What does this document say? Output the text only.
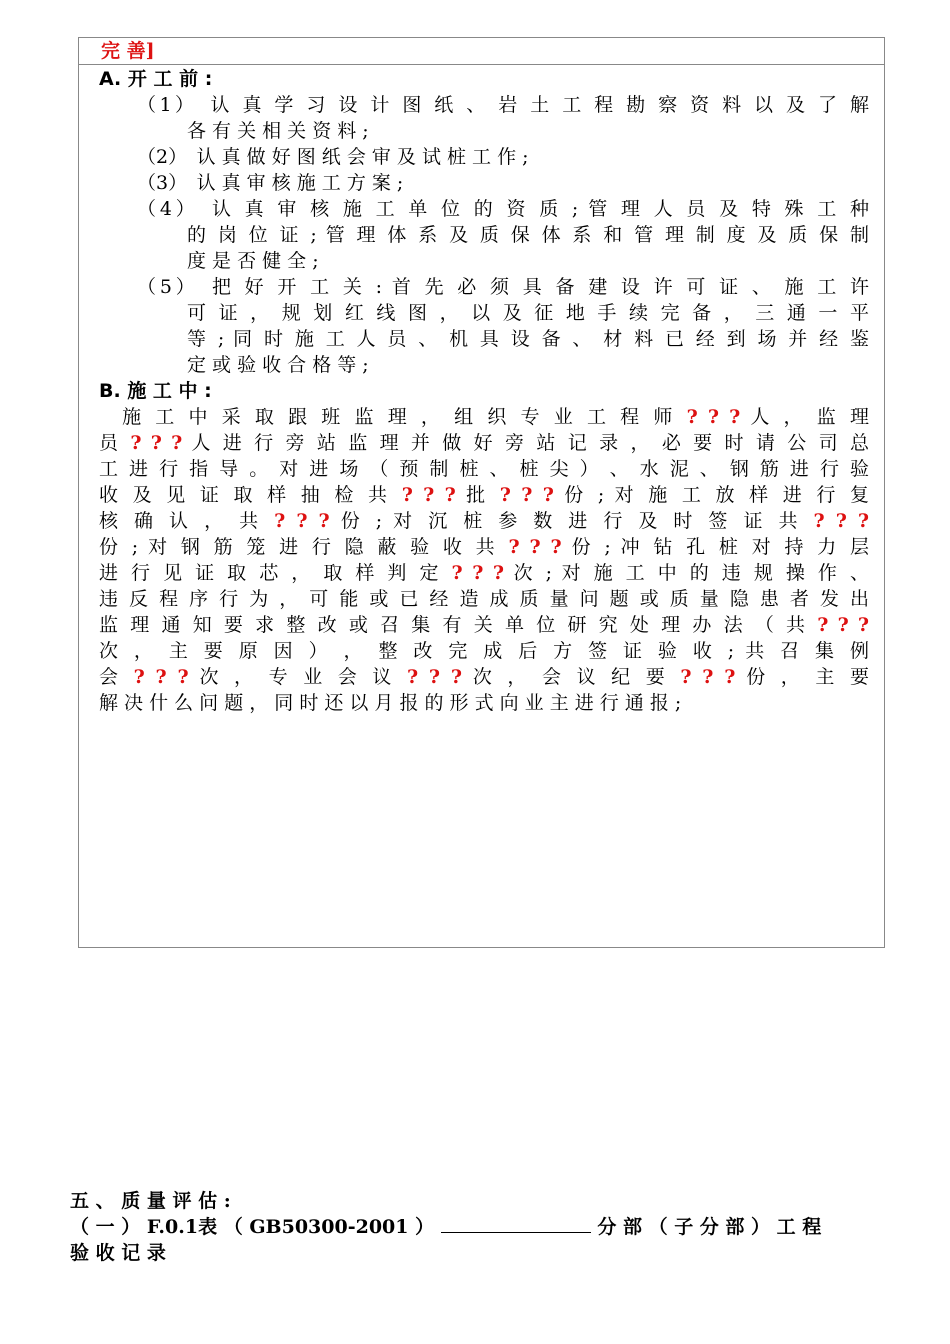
完 善]
A. 开 工 前 :
（1）　认 真 学 习 设 计 图 纸 、 岩 土 工 程 勘 察 资 料 以 及 了 解
各 有 关 相 关 资 料 ;
（2）　认 真 做 好 图 纸 会 审 及 试 桩 工 作 ;
（3）　认 真 审 核 施 工 方 案 ;
（4）　认 真 审 核 施 工 单 位 的 资 质 ; 管 理 人 员 及 特 殊 工 种
的 岗 位 证 ; 管 理 体 系 及 质 保 体 系 和 管 理 制 度 及 质 保 制
度 是 否 健 全 ;
（5）　把 好 开 工 关 : 首 先 必 须 具 备 建 设 许 可 证 、 施 工 许
可 证 ， 规 划 红 线 图 ， 以 及 征 地 手 续 完 备 ， 三 通 一 平
等 ; 同 时 施 工 人 员 、 机 具 设 备 、 材 料 已 经 到 场 并 经 鉴
定 或 验 收 合 格 等 ;
B. 施 工 中 :
　施 工 中 采 取 跟 班 监 理 ， 组 织 专 业 工 程 师 ? ? ? 人 ， 监 理
员 ? ? ? 人 进 行 旁 站 监 理 并 做 好 旁 站 记 录 ， 必 要 时 请 公 司 总
工 进 行 指 导 。 对 进 场 （ 预 制 桩 、 桩 尖 ） 、 水 泥 、 钢 筋 进 行 验
收 及 见 证 取 样 抽 检 共 ? ? ? 批 ? ? ? 份 ; 对 施 工 放 样 进 行 复
核 确 认 ， 共 ? ? ? 份 ; 对 沉 桩 参 数 进 行 及 时 签 证 共 ? ? ?
份 ; 对 钢 筋 笼 进 行 隐 蔽 验 收 共 ? ? ? 份 ; 冲 钻 孔 桩 对 持 力 层
进 行 见 证 取 芯 ， 取 样 判 定 ? ? ? 次 ; 对 施 工 中 的 违 规 操 作 、
违 反 程 序 行 为 ， 可 能 或 已 经 造 成 质 量 问 题 或 质 量 隐 患 者 发 出
监 理 通 知 要 求 整 改 或 召 集 有 关 单 位 研 究 处 理 办 法 （ 共 ? ? ?
次 ， 主 要 原 因 ） ， 整 改 完 成 后 方 签 证 验 收 ; 共 召 集 例
会 ? ? ? 次 ， 专 业 会 议 ? ? ? 次 ， 会 议 纪 要 ? ? ? 份 ， 主 要
解 决 什 么 问 题 ， 同 时 还 以 月 报 的 形 式 向 业 主 进 行 通 报 ;
五 、 质 量 评 估 :
（ 一 ） F.0.1表 （ GB50300-2001 ）	分 部 （ 子 分 部 ） 工 程
验 收 记 录
